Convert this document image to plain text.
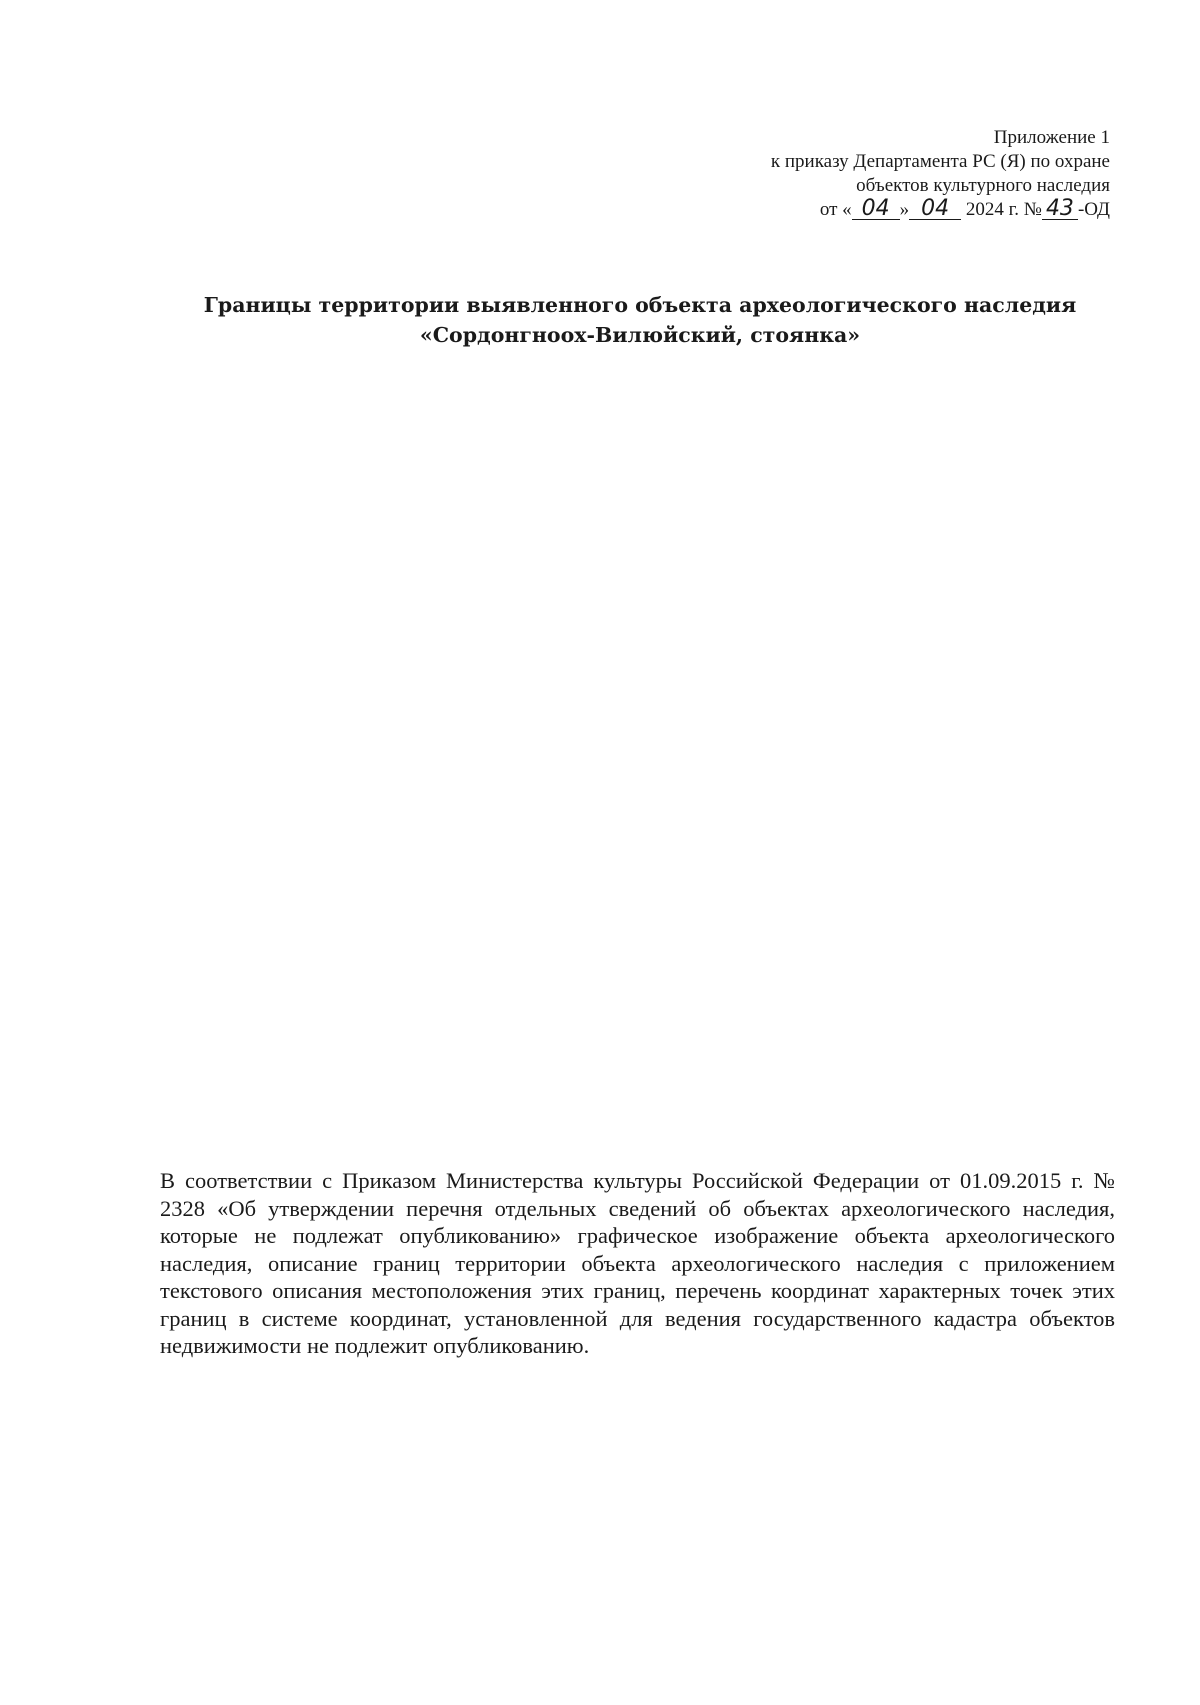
Приложение 1
к приказу Департамента РС (Я) по охране
объектов культурного наследия
от « 04 » 04 2024 г. № 43 -ОД
Границы территории выявленного объекта археологического наследия
«Сордонгноох-Вилюйский, стоянка»
В соответствии с Приказом Министерства культуры Российской Федерации от 01.09.2015 г. № 2328 «Об утверждении перечня отдельных сведений об объектах археологического наследия, которые не подлежат опубликованию» графическое изображение объекта археологического наследия, описание границ территории объекта археологического наследия с приложением текстового описания местоположения этих границ, перечень координат характерных точек этих границ в системе координат, установленной для ведения государственного кадастра объектов недвижимости не подлежит опубликованию.
